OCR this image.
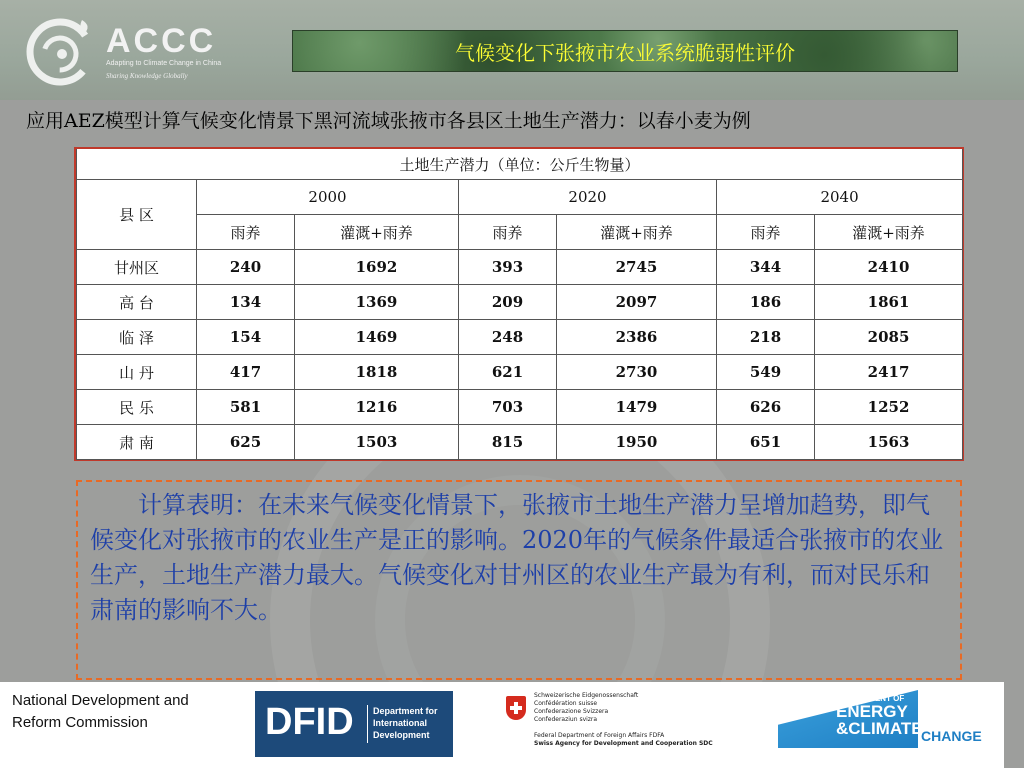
ACCC
Adapting to Climate Change in China
Sharing Knowledge Globally
气候变化下张掖市农业系统脆弱性评价
应用AEZ模型计算气候变化情景下黑河流域张掖市各县区土地生产潜力：以春小麦为例
土地生产潜力（单位：公斤生物量）						
县 区	2000		2020		2040	
	雨养	灌溉+雨养	雨养	灌溉+雨养	雨养	灌溉+雨养
甘州区	240	1692	393	2745	344	2410
高 台	134	1369	209	2097	186	1861
临 泽	154	1469	248	2386	218	2085
山 丹	417	1818	621	2730	549	2417
民 乐	581	1216	703	1479	626	1252
肃 南	625	1503	815	1950	651	1563

计算表明：在未来气候变化情景下，张掖市土地生产潜力呈增加趋势，即气候变化对张掖市的农业生产是正的影响。2020年的气候条件最适合张掖市的农业生产，土地生产潜力最大。气候变化对甘州区的农业生产最为有利，而对民乐和肃南的影响不大。

National Development and
Reform Commission	DFID Department for
International
Development
Schweizerische Eidgenossenschaft
Confédération suisse
Confederazione Svizzera
Confederaziun svizra
Federal Department of Foreign Affairs FDFA
Swiss Agency for Development and Cooperation SDC
DEPARTMENT OF
ENERGY
&CLIMATE
CHANGE
